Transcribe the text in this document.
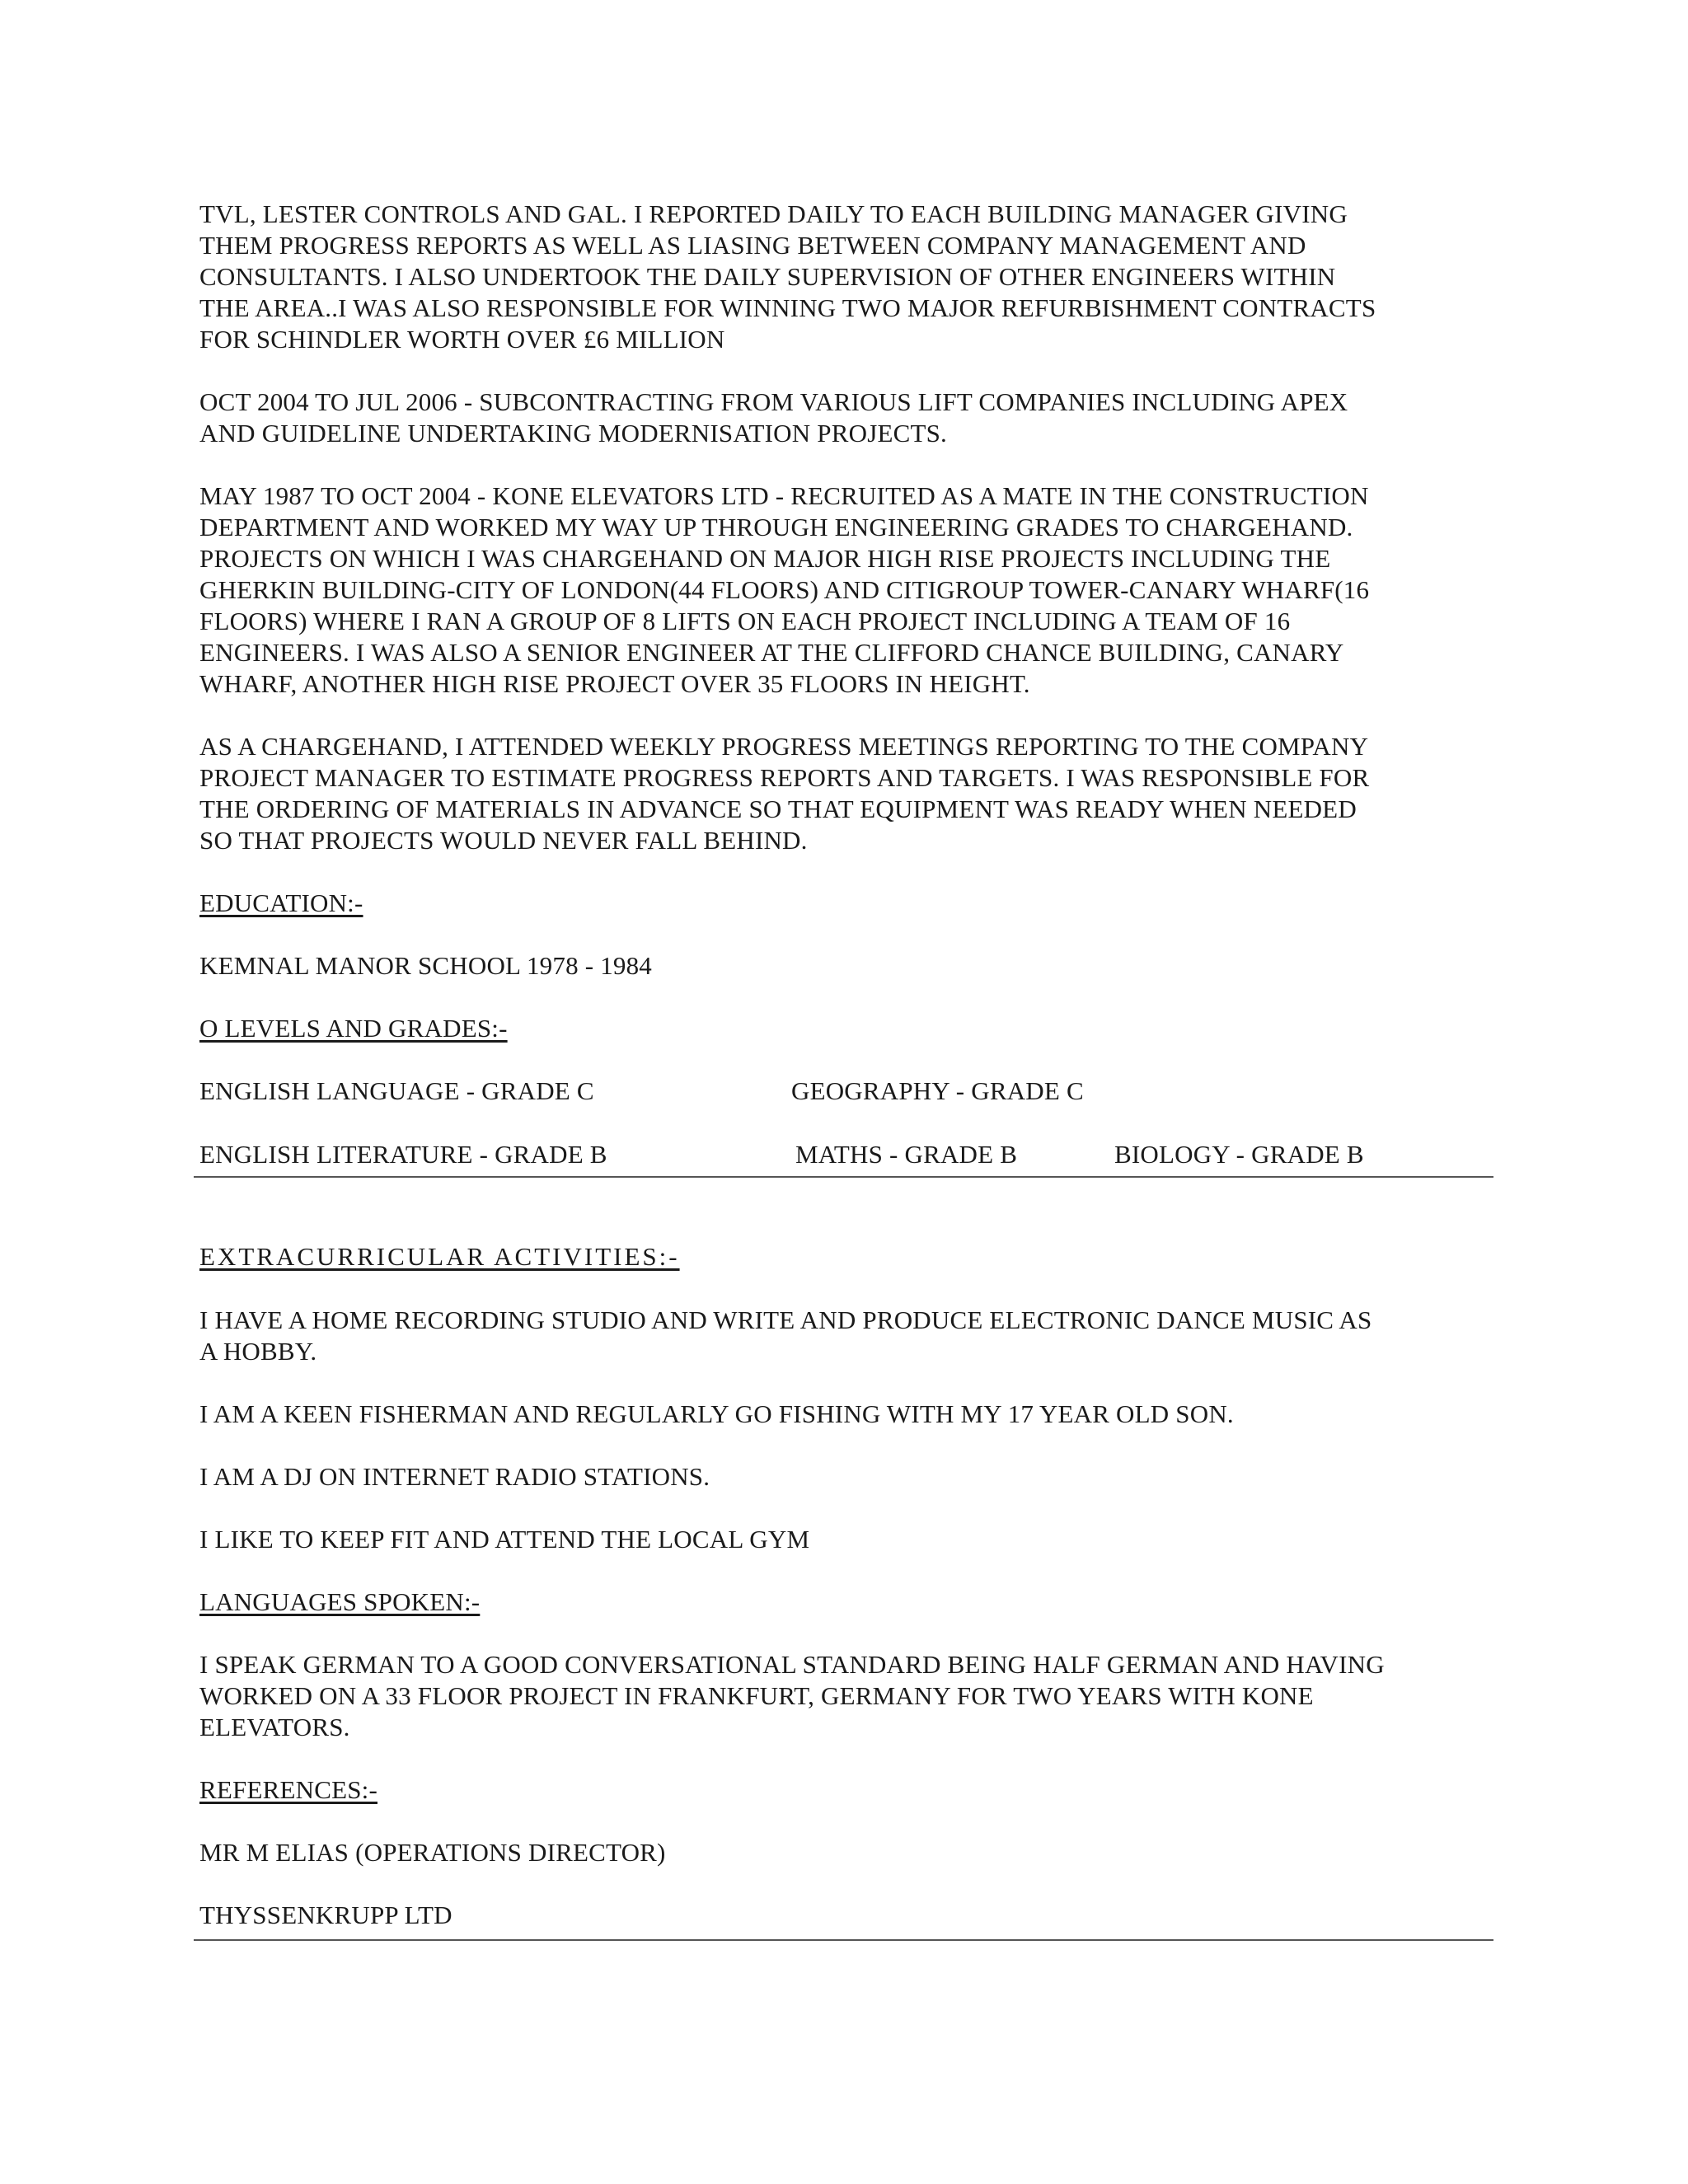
TVL, LESTER CONTROLS AND GAL. I REPORTED DAILY TO EACH BUILDING MANAGER GIVING
THEM PROGRESS REPORTS AS WELL AS LIASING BETWEEN COMPANY MANAGEMENT AND
CONSULTANTS. I ALSO UNDERTOOK THE DAILY SUPERVISION OF OTHER ENGINEERS WITHIN
THE AREA..I WAS ALSO RESPONSIBLE FOR WINNING TWO MAJOR REFURBISHMENT CONTRACTS
FOR SCHINDLER WORTH OVER £6 MILLION
OCT 2004 TO JUL 2006 - SUBCONTRACTING FROM VARIOUS LIFT COMPANIES INCLUDING APEX
AND GUIDELINE UNDERTAKING MODERNISATION PROJECTS.
MAY 1987 TO OCT 2004 - KONE ELEVATORS LTD - RECRUITED AS A MATE IN THE CONSTRUCTION
DEPARTMENT AND WORKED MY WAY UP THROUGH ENGINEERING GRADES TO CHARGEHAND.
PROJECTS ON WHICH I WAS CHARGEHAND ON MAJOR HIGH RISE PROJECTS INCLUDING THE
GHERKIN BUILDING-CITY OF LONDON(44 FLOORS) AND CITIGROUP TOWER-CANARY WHARF(16
FLOORS) WHERE I RAN A GROUP OF 8 LIFTS ON EACH PROJECT INCLUDING A TEAM OF 16
ENGINEERS. I WAS ALSO A SENIOR ENGINEER AT THE CLIFFORD CHANCE BUILDING, CANARY
WHARF, ANOTHER HIGH RISE PROJECT OVER 35 FLOORS IN HEIGHT.
AS A CHARGEHAND, I ATTENDED WEEKLY PROGRESS MEETINGS REPORTING TO THE COMPANY
PROJECT MANAGER TO ESTIMATE PROGRESS REPORTS AND TARGETS. I WAS RESPONSIBLE FOR
THE ORDERING OF MATERIALS IN ADVANCE SO THAT EQUIPMENT WAS READY WHEN NEEDED
SO THAT PROJECTS WOULD NEVER FALL BEHIND.
EDUCATION:-
KEMNAL MANOR SCHOOL 1978 - 1984
O LEVELS AND GRADES:-
ENGLISH LANGUAGE - GRADE C	GEOGRAPHY - GRADE C
ENGLISH LITERATURE - GRADE B	MATHS - GRADE B	BIOLOGY - GRADE B
EXTRACURRICULAR ACTIVITIES:-
I HAVE A HOME RECORDING STUDIO AND WRITE AND PRODUCE ELECTRONIC DANCE MUSIC AS
A HOBBY.
I AM A KEEN FISHERMAN AND REGULARLY GO FISHING WITH MY 17 YEAR OLD SON.
I AM A DJ ON INTERNET RADIO STATIONS.
I LIKE TO KEEP FIT AND ATTEND THE LOCAL GYM
LANGUAGES SPOKEN:-
I SPEAK GERMAN TO A GOOD CONVERSATIONAL STANDARD BEING HALF GERMAN AND HAVING
WORKED ON A 33 FLOOR PROJECT IN FRANKFURT, GERMANY FOR TWO YEARS WITH KONE
ELEVATORS.
REFERENCES:-
MR M ELIAS (OPERATIONS DIRECTOR)
THYSSENKRUPP LTD
